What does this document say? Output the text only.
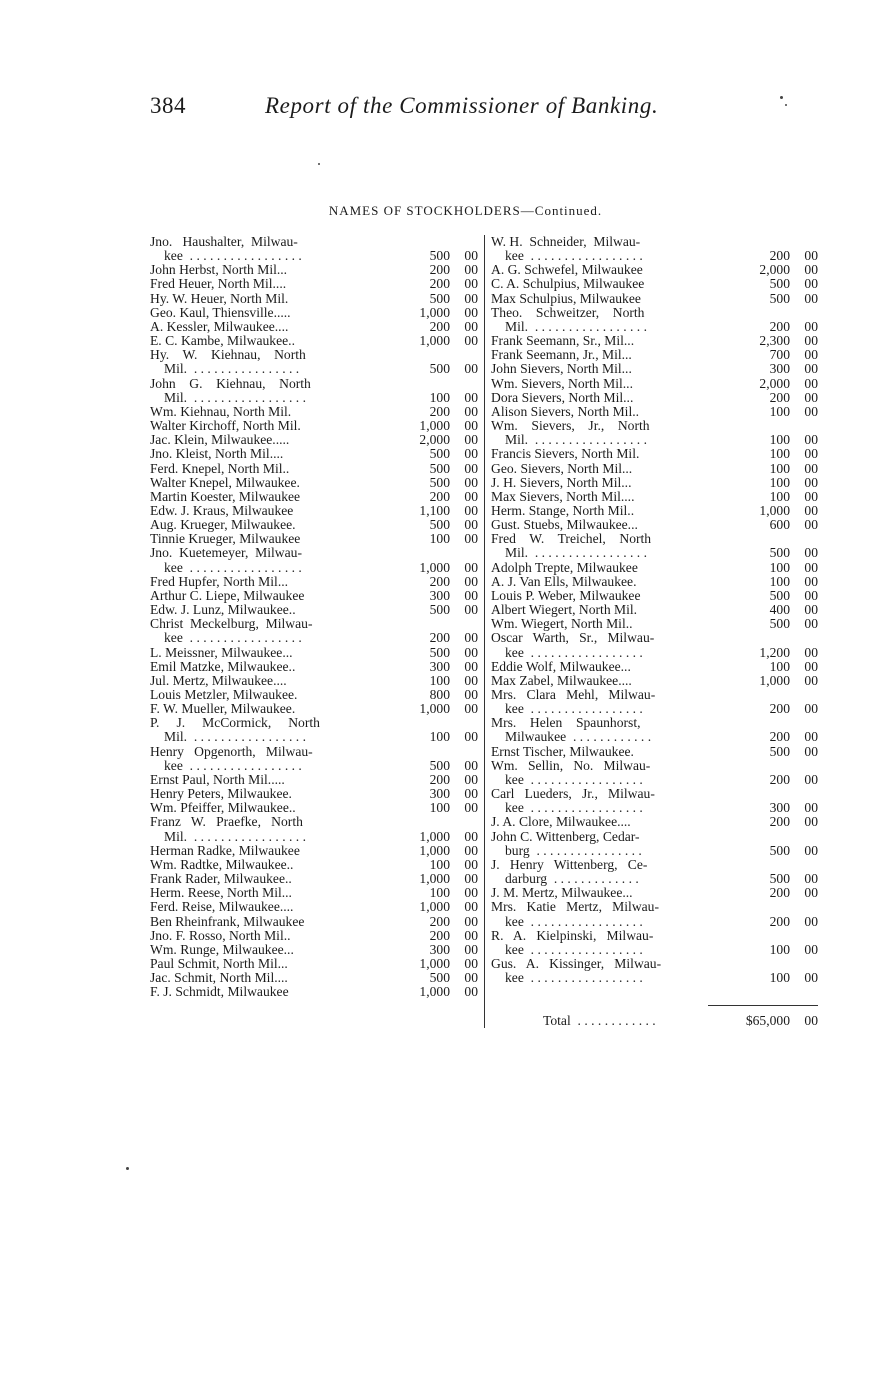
384	Report of the Commissioner of Banking.
NAMES OF STOCKHOLDERS—Continued.
Jno.   Haushalter,  Milwau-
kee  . . . . . . . . . . . . . . . . .	500	00
John Herbst, North Mil...	200	00
Fred Heuer, North Mil....	200	00
Hy. W. Heuer, North Mil.	500	00
Geo. Kaul, Thiensville.....	1,000	00
A. Kessler, Milwaukee....	200	00
E. C. Kambe, Milwaukee..	1,000	00
Hy.    W.    Kiehnau,    North
Mil.  . . . . . . . . . . . . . . . .	500	00
John    G.    Kiehnau,    North
Mil.  . . . . . . . . . . . . . . . . .	100	00
Wm. Kiehnau, North Mil.	200	00
Walter Kirchoff, North Mil.	1,000	00
Jac. Klein, Milwaukee.....	2,000	00
Jno. Kleist, North Mil....	500	00
Ferd. Knepel, North Mil..	500	00
Walter Knepel, Milwaukee.	500	00
Martin Koester, Milwaukee	200	00
Edw. J. Kraus, Milwaukee	1,100	00
Aug. Krueger, Milwaukee.	500	00
Tinnie Krueger, Milwaukee	100	00
Jno.  Kuetemeyer,  Milwau-
kee  . . . . . . . . . . . . . . . . .	1,000	00
Fred Hupfer, North Mil...	200	00
Arthur C. Liepe, Milwaukee	300	00
Edw. J. Lunz, Milwaukee..	500	00
Christ  Meckelburg,  Milwau-
kee  . . . . . . . . . . . . . . . . .	200	00
L. Meissner, Milwaukee...	500	00
Emil Matzke, Milwaukee..	300	00
Jul. Mertz, Milwaukee....	100	00
Louis Metzler, Milwaukee.	800	00
F. W. Mueller, Milwaukee.	1,000	00
P.     J.     McCormick,     North
Mil.  . . . . . . . . . . . . . . . . .	100	00
Henry   Opgenorth,   Milwau-
kee  . . . . . . . . . . . . . . . . .	500	00
Ernst Paul, North Mil.....	200	00
Henry Peters, Milwaukee.	300	00
Wm. Pfeiffer, Milwaukee..	100	00
Franz   W.   Praefke,   North
Mil.  . . . . . . . . . . . . . . . . .	1,000	00
Herman Radke, Milwaukee	1,000	00
Wm. Radtke, Milwaukee..	100	00
Frank Rader, Milwaukee..	1,000	00
Herm. Reese, North Mil...	100	00
Ferd. Reise, Milwaukee....	1,000	00
Ben Rheinfrank, Milwaukee	200	00
Jno. F. Rosso, North Mil..	200	00
Wm. Runge, Milwaukee...	300	00
Paul Schmit, North Mil...	1,000	00
Jac. Schmit, North Mil....	500	00
F. J. Schmidt, Milwaukee	1,000	00
W. H.  Schneider,  Milwau-
kee  . . . . . . . . . . . . . . . . .	200	00
A. G. Schwefel, Milwaukee	2,000	00
C. A. Schulpius, Milwaukee	500	00
Max Schulpius, Milwaukee	500	00
Theo.    Schweitzer,    North
Mil.  . . . . . . . . . . . . . . . . .	200	00
Frank Seemann, Sr., Mil...	2,300	00
Frank Seemann, Jr., Mil...	700	00
John Sievers, North Mil...	300	00
Wm. Sievers, North Mil...	2,000	00
Dora Sievers, North Mil...	200	00
Alison Sievers, North Mil..	100	00
Wm.    Sievers,    Jr.,    North
Mil.  . . . . . . . . . . . . . . . . .	100	00
Francis Sievers, North Mil.	100	00
Geo. Sievers, North Mil...	100	00
J. H. Sievers, North Mil...	100	00
Max Sievers, North Mil....	100	00
Herm. Stange, North Mil..	1,000	00
Gust. Stuebs, Milwaukee...	600	00
Fred    W.    Treichel,    North
Mil.  . . . . . . . . . . . . . . . . .	500	00
Adolph Trepte, Milwaukee	100	00
A. J. Van Ells, Milwaukee.	100	00
Louis P. Weber, Milwaukee	500	00
Albert Wiegert, North Mil.	400	00
Wm. Wiegert, North Mil..	500	00
Oscar   Warth,   Sr.,   Milwau-
kee  . . . . . . . . . . . . . . . . .	1,200	00
Eddie Wolf, Milwaukee...	100	00
Max Zabel, Milwaukee....	1,000	00
Mrs.   Clara   Mehl,   Milwau-
kee  . . . . . . . . . . . . . . . . .	200	00
Mrs.    Helen    Spaunhorst,
Milwaukee  . . . . . . . . . . . .	200	00
Ernst Tischer, Milwaukee.	500	00
Wm.   Sellin,   No.   Milwau-
kee  . . . . . . . . . . . . . . . . .	200	00
Carl   Lueders,   Jr.,   Milwau-
kee  . . . . . . . . . . . . . . . . .	300	00
J. A. Clore, Milwaukee....	200	00
John C. Wittenberg, Cedar-
burg  . . . . . . . . . . . . . . . .	500	00
J.   Henry   Wittenberg,   Ce-
darburg  . . . . . . . . . . . . .	500	00
J. M. Mertz, Milwaukee...	200	00
Mrs.   Katie   Mertz,   Milwau-
kee  . . . . . . . . . . . . . . . . .	200	00
R.   A.   Kielpinski,   Milwau-
kee  . . . . . . . . . . . . . . . . .	100	00
Gus.   A.   Kissinger,   Milwau-
kee  . . . . . . . . . . . . . . . . .	100	00
Total  . . . . . . . . . . . .	$65,000	00
